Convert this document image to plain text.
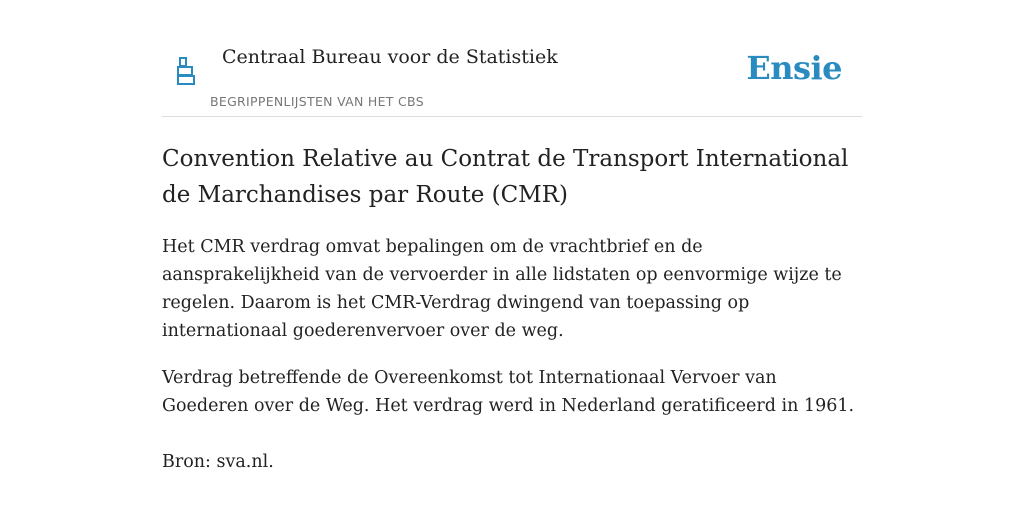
Centraal Bureau voor de Statistiek
BEGRIPPENLIJSTEN VAN HET CBS
Ensie
Convention Relative au Contrat de Transport International de Marchandises par Route (CMR)

Het CMR verdrag omvat bepalingen om de vrachtbrief en de aansprakelijkheid van de vervoerder in alle lidstaten op eenvormige wijze te regelen. Daarom is het CMR-Verdrag dwingend van toepassing op internationaal goederenvervoer over de weg.

Verdrag betreffende de Overeenkomst tot Internationaal Vervoer van Goederen over de Weg. Het verdrag werd in Nederland geratificeerd in 1961.

Bron: sva.nl.
